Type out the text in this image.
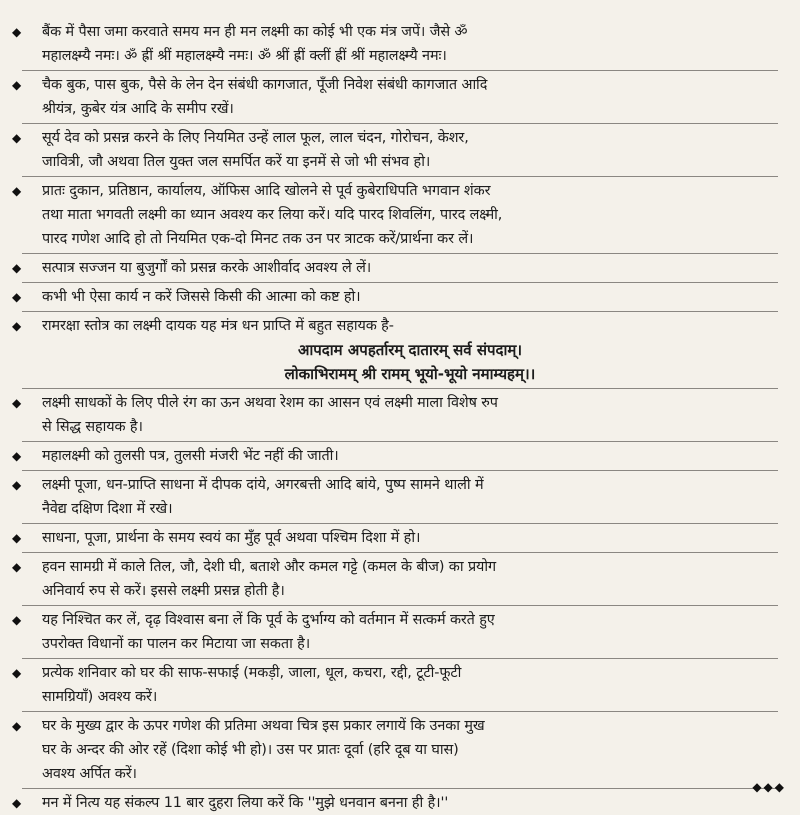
◆ बैंक में पैसा जमा करवाते समय मन ही मन लक्ष्मी का कोई भी एक मंत्र जपें। जैसे ॐ

महालक्ष्म्यै नमः। ॐ ह्रीं श्रीं महालक्ष्म्यै नमः। ॐ श्रीं ह्रीं क्लीं ह्रीं श्रीं महालक्ष्म्यै नमः।

◆ चैक बुक, पास बुक, पैसे के लेन देन संबंधी कागजात, पूँजी निवेश संबंधी कागजात आदि

श्रीयंत्र, कुबेर यंत्र आदि के समीप रखें।

◆ सूर्य देव को प्रसन्न करने के लिए नियमित उन्हें लाल फूल, लाल चंदन, गोरोचन, केशर,

जावित्री, जौ अथवा तिल युक्त जल समर्पित करें या इनमें से जो भी संभव हो।

◆ प्रातः दुकान, प्रतिष्ठान, कार्यालय, ऑफिस आदि खोलने से पूर्व कुबेराधिपति भगवान शंकर

तथा माता भगवती लक्ष्मी का ध्यान अवश्य कर लिया करें। यदि पारद शिवलिंग, पारद लक्ष्मी,

पारद गणेश आदि हो तो नियमित एक-दो मिनट तक उन पर त्राटक करें/प्रार्थना कर लें।

◆ सत्पात्र सज्जन या बुजुर्गों को प्रसन्न करके आशीर्वाद अवश्य ले लें।

◆ कभी भी ऐसा कार्य न करें जिससे किसी की आत्मा को कष्ट हो।

◆ रामरक्षा स्तोत्र का लक्ष्मी दायक यह मंत्र धन प्राप्ति में बहुत सहायक है-

आपदाम अपहर्तारम् दातारम् सर्व संपदाम्।

लोकाभिरामम् श्री रामम् भूयो-भूयो नमाम्यहम्।।

◆ लक्ष्मी साधकों के लिए पीले रंग का ऊन अथवा रेशम का आसन एवं लक्ष्मी माला विशेष रुप

से सिद्ध सहायक है।

◆ महालक्ष्मी को तुलसी पत्र, तुलसी मंजरी भेंट नहीं की जाती।

◆ लक्ष्मी पूजा, धन-प्राप्ति साधना में दीपक दांये, अगरबत्ती आदि बांये, पुष्प सामने थाली में

नैवेद्य दक्षिण दिशा में रखे।

◆ साधना, पूजा, प्रार्थना के समय स्वयं का मुँह पूर्व अथवा पश्चिम दिशा में हो।

◆ हवन सामग्री में काले तिल, जौ, देशी घी, बताशे और कमल गट्टे (कमल के बीज) का प्रयोग

अनिवार्य रुप से करें। इससे लक्ष्मी प्रसन्न होती है।

◆ यह निश्चित कर लें, दृढ़ विश्वास बना लें कि पूर्व के दुर्भाग्य को वर्तमान में सत्कर्म करते हुए

उपरोक्त विधानों का पालन कर मिटाया जा सकता है।

◆ प्रत्येक शनिवार को घर की साफ-सफाई (मकड़ी, जाला, धूल, कचरा, रद्दी, टूटी-फूटी

सामग्रियाँ) अवश्य करें।

◆ घर के मुख्य द्वार के ऊपर गणेश की प्रतिमा अथवा चित्र इस प्रकार लगायें कि उनका मुख

घर के अन्दर की ओर रहें (दिशा कोई भी हो)। उस पर प्रातः दूर्वा (हरि दूब या घास)

अवश्य अर्पित करें।

◆ मन में नित्य यह संकल्प 11 बार दुहरा लिया करें कि ''मुझे धनवान बनना ही है।''

◆◆◆
